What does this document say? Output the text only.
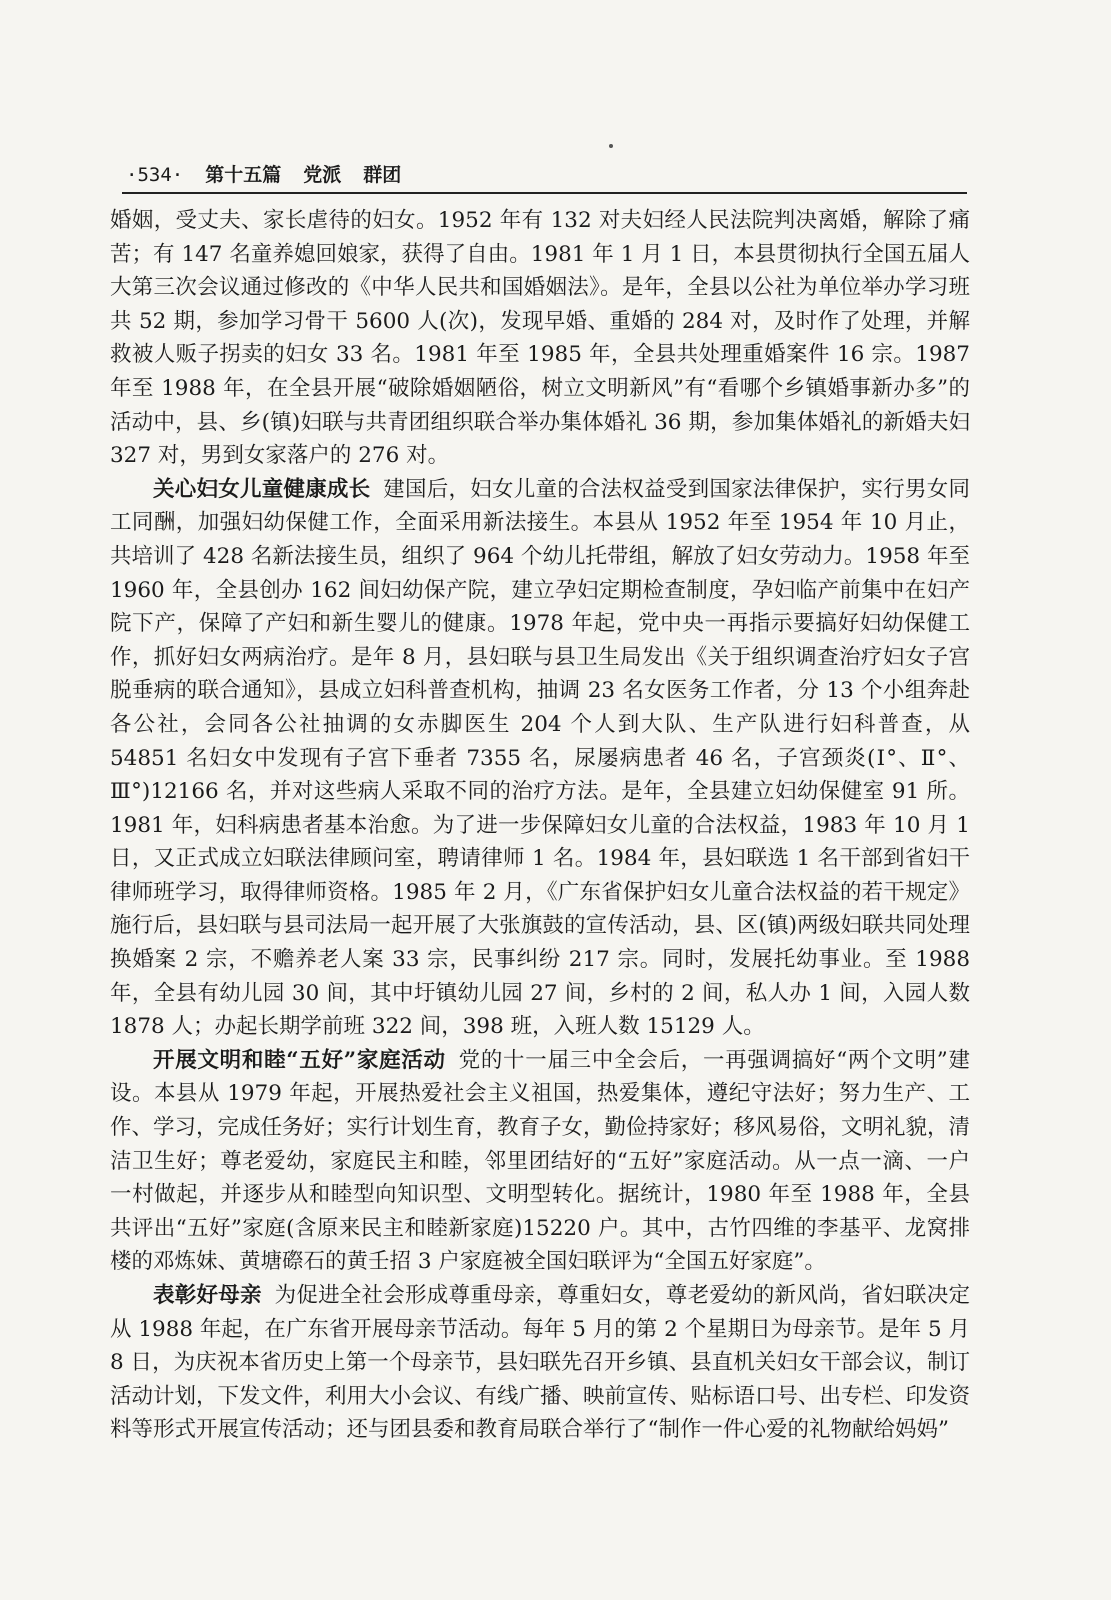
·534· 第十五篇 党派 群团

婚姻，受丈夫、家长虐待的妇女。1952 年有 132 对夫妇经人民法院判决离婚，解除了痛苦；有 147 名童养媳回娘家，获得了自由。1981 年 1 月 1 日，本县贯彻执行全国五届人大第三次会议通过修改的《中华人民共和国婚姻法》。是年，全县以公社为单位举办学习班共 52 期，参加学习骨干 5600 人(次)，发现早婚、重婚的 284 对，及时作了处理，并解救被人贩子拐卖的妇女 33 名。1981 年至 1985 年，全县共处理重婚案件 16 宗。1987 年至 1988 年，在全县开展“破除婚姻陋俗，树立文明新风”有“看哪个乡镇婚事新办多”的活动中，县、乡(镇)妇联与共青团组织联合举办集体婚礼 36 期，参加集体婚礼的新婚夫妇 327 对，男到女家落户的 276 对。

关心妇女儿童健康成长 建国后，妇女儿童的合法权益受到国家法律保护，实行男女同工同酬，加强妇幼保健工作，全面采用新法接生。本县从 1952 年至 1954 年 10 月止，共培训了 428 名新法接生员，组织了 964 个幼儿托带组，解放了妇女劳动力。1958 年至 1960 年，全县创办 162 间妇幼保产院，建立孕妇定期检查制度，孕妇临产前集中在妇产院下产，保障了产妇和新生婴儿的健康。1978 年起，党中央一再指示要搞好妇幼保健工作，抓好妇女两病治疗。是年 8 月，县妇联与县卫生局发出《关于组织调查治疗妇女子宫脱垂病的联合通知》，县成立妇科普查机构，抽调 23 名女医务工作者，分 13 个小组奔赴各公社，会同各公社抽调的女赤脚医生 204 个人到大队、生产队进行妇科普查，从 54851 名妇女中发现有子宫下垂者 7355 名，尿屡病患者 46 名，子宫颈炎(Ⅰ°、Ⅱ°、Ⅲ°)12166 名，并对这些病人采取不同的治疗方法。是年，全县建立妇幼保健室 91 所。1981 年，妇科病患者基本治愈。为了进一步保障妇女儿童的合法权益，1983 年 10 月 1 日，又正式成立妇联法律顾问室，聘请律师 1 名。1984 年，县妇联选 1 名干部到省妇干律师班学习，取得律师资格。1985 年 2 月，《广东省保护妇女儿童合法权益的若干规定》施行后，县妇联与县司法局一起开展了大张旗鼓的宣传活动，县、区(镇)两级妇联共同处理换婚案 2 宗，不赡养老人案 33 宗，民事纠纷 217 宗。同时，发展托幼事业。至 1988 年，全县有幼儿园 30 间，其中圩镇幼儿园 27 间，乡村的 2 间，私人办 1 间，入园人数 1878 人；办起长期学前班 322 间，398 班，入班人数 15129 人。

开展文明和睦“五好”家庭活动 党的十一届三中全会后，一再强调搞好“两个文明”建设。本县从 1979 年起，开展热爱社会主义祖国，热爱集体，遵纪守法好；努力生产、工作、学习，完成任务好；实行计划生育，教育子女，勤俭持家好；移风易俗，文明礼貌，清洁卫生好；尊老爱幼，家庭民主和睦，邻里团结好的“五好”家庭活动。从一点一滴、一户一村做起，并逐步从和睦型向知识型、文明型转化。据统计，1980 年至 1988 年，全县共评出“五好”家庭(含原来民主和睦新家庭)15220 户。其中，古竹四维的李基平、龙窝排楼的邓炼妹、黄塘磜石的黄壬招 3 户家庭被全国妇联评为“全国五好家庭”。

表彰好母亲 为促进全社会形成尊重母亲，尊重妇女，尊老爱幼的新风尚，省妇联决定从 1988 年起，在广东省开展母亲节活动。每年 5 月的第 2 个星期日为母亲节。是年 5 月 8 日，为庆祝本省历史上第一个母亲节，县妇联先召开乡镇、县直机关妇女干部会议，制订活动计划，下发文件，利用大小会议、有线广播、映前宣传、贴标语口号、出专栏、印发资料等形式开展宣传活动；还与团县委和教育局联合举行了“制作一件心爱的礼物献给妈妈”
